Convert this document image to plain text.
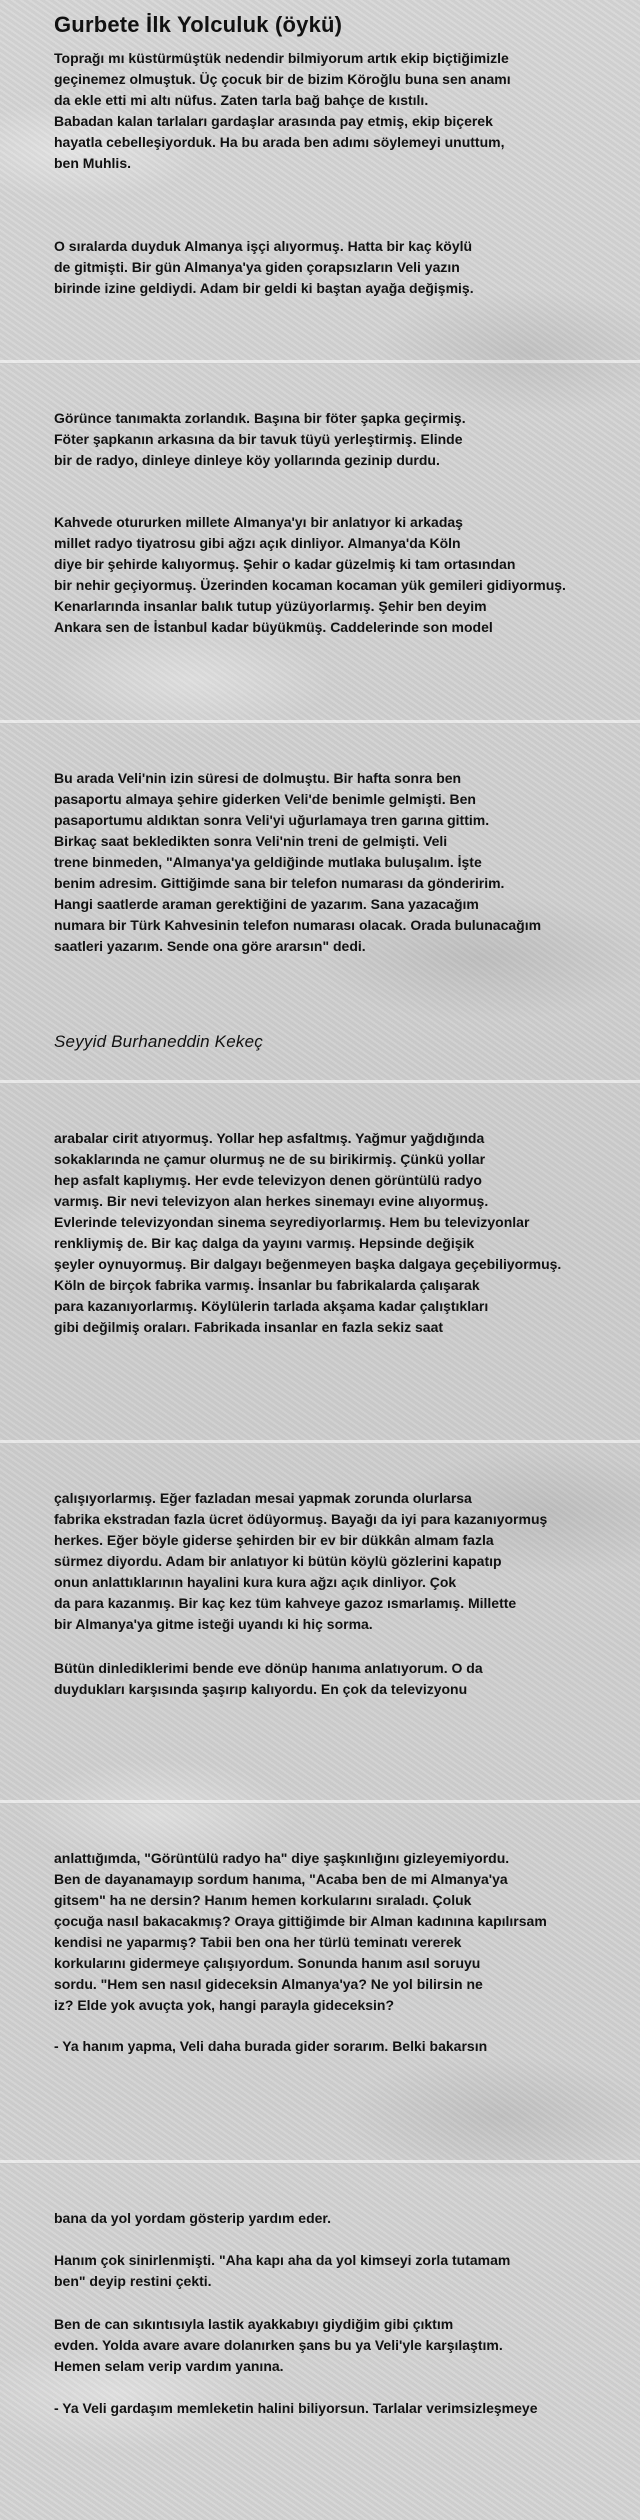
Gurbete İlk Yolculuk (öykü)

Toprağı mı küstürmüştük nedendir bilmiyorum artık ekip biçtiğimizle
geçinemez olmuştuk. Üç çocuk bir de bizim Köroğlu buna sen anamı
da ekle etti mi altı nüfus. Zaten tarla bağ bahçe de kıstılı.
Babadan kalan tarlaları gardaşlar arasında pay etmiş, ekip biçerek
hayatla cebelleşiyorduk. Ha bu arada ben adımı söylemeyi unuttum,
ben Muhlis.

O sıralarda duyduk Almanya işçi alıyormuş. Hatta bir kaç köylü
de gitmişti. Bir gün Almanya'ya giden çorapsızların Veli yazın
birinde izine geldiydi. Adam bir geldi ki baştan ayağa değişmiş.

Görünce tanımakta zorlandık. Başına bir föter şapka geçirmiş.
Föter şapkanın arkasına da bir tavuk tüyü yerleştirmiş. Elinde
bir de radyo, dinleye dinleye köy yollarında gezinip durdu.

Kahvede otururken millete Almanya'yı bir anlatıyor ki arkadaş
millet radyo tiyatrosu gibi ağzı açık dinliyor. Almanya'da Köln
diye bir şehirde kalıyormuş. Şehir o kadar güzelmiş ki tam ortasından
bir nehir geçiyormuş. Üzerinden kocaman kocaman yük gemileri gidiyormuş.
Kenarlarında insanlar balık tutup yüzüyorlarmış. Şehir ben deyim
Ankara sen de İstanbul kadar büyükmüş. Caddelerinde son model

Bu arada Veli'nin izin süresi de dolmuştu. Bir hafta sonra ben
pasaportu almaya şehire giderken Veli'de benimle gelmişti. Ben
pasaportumu aldıktan sonra Veli'yi uğurlamaya tren garına gittim.
Birkaç saat bekledikten sonra Veli'nin treni de gelmişti. Veli
trene binmeden, "Almanya'ya geldiğinde mutlaka buluşalım. İşte
benim adresim. Gittiğimde sana bir telefon numarası da gönderirim.
Hangi saatlerde araman gerektiğini de yazarım. Sana yazacağım
numara bir Türk Kahvesinin telefon numarası olacak. Orada bulunacağım
saatleri yazarım. Sende ona göre ararsın" dedi.

Seyyid Burhaneddin Kekeç

arabalar cirit atıyormuş. Yollar hep asfaltmış. Yağmur yağdığında
sokaklarında ne çamur olurmuş ne de su birikirmiş. Çünkü yollar
hep asfalt kaplıymış. Her evde televizyon denen görüntülü radyo
varmış. Bir nevi televizyon alan herkes sinemayı evine alıyormuş.
Evlerinde televizyondan sinema seyrediyorlarmış. Hem bu televizyonlar
renkliymiş de. Bir kaç dalga da yayını varmış. Hepsinde değişik
şeyler oynuyormuş. Bir dalgayı beğenmeyen başka dalgaya geçebiliyormuş.
Köln de birçok fabrika varmış. İnsanlar bu fabrikalarda çalışarak
para kazanıyorlarmış. Köylülerin tarlada akşama kadar çalıştıkları
gibi değilmiş oraları. Fabrikada insanlar en fazla sekiz saat

çalışıyorlarmış. Eğer fazladan mesai yapmak zorunda olurlarsa
fabrika ekstradan fazla ücret ödüyormuş. Bayağı da iyi para kazanıyormuş
herkes. Eğer böyle giderse şehirden bir ev bir dükkân almam fazla
sürmez diyordu. Adam bir anlatıyor ki bütün köylü gözlerini kapatıp
onun anlattıklarının hayalini kura kura ağzı açık dinliyor. Çok
da para kazanmış. Bir kaç kez tüm kahveye gazoz ısmarlamış. Millette
bir Almanya'ya gitme isteği uyandı ki hiç sorma.

Bütün dinlediklerimi bende eve dönüp hanıma anlatıyorum. O da
duydukları karşısında şaşırıp kalıyordu. En çok da televizyonu

anlattığımda, "Görüntülü radyo ha" diye şaşkınlığını gizleyemiyordu.
Ben de dayanamayıp sordum hanıma, "Acaba ben de mi Almanya'ya
gitsem" ha ne dersin? Hanım hemen korkularını sıraladı. Çoluk
çocuğa nasıl bakacakmış? Oraya gittiğimde bir Alman kadınına kapılırsam
kendisi ne yaparmış? Tabii ben ona her türlü teminatı vererek
korkularını gidermeye çalışıyordum. Sonunda hanım asıl soruyu
sordu. "Hem sen nasıl gideceksin Almanya'ya? Ne yol bilirsin ne
iz? Elde yok avuçta yok, hangi parayla gideceksin?

- Ya hanım yapma, Veli daha burada gider sorarım. Belki bakarsın

bana da yol yordam gösterip yardım eder.

Hanım çok sinirlenmişti. "Aha kapı aha da yol kimseyi zorla tutamam
ben" deyip restini çekti.

Ben de can sıkıntısıyla lastik ayakkabıyı giydiğim gibi çıktım
evden. Yolda avare avare dolanırken şans bu ya Veli'yle karşılaştım.
Hemen selam verip vardım yanına.

- Ya Veli gardaşım memleketin halini biliyorsun. Tarlalar verimsizleşmeye
